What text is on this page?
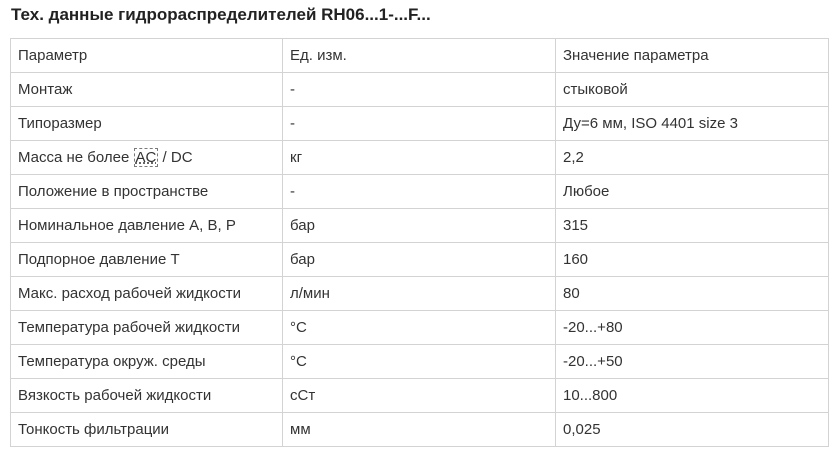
Тех. данные гидрораспределителей RH06...1-...F...
Параметр	Ед. изм.	Значение параметра
Монтаж	-	стыковой
Типоразмер	-	Ду=6 мм, ISO 4401 size 3
Масса не более AC / DC	кг	2,2
Положение в пространстве	-	Любое
Номинальное давление A, B, P	бар	315
Подпорное давление T	бар	160
Макс. расход рабочей жидкости	л/мин	80
Температура рабочей жидкости	°C	-20...+80
Температура окруж. среды	°C	-20...+50
Вязкость рабочей жидкости	сСт	10...800
Тонкость фильтрации	мм	0,025
